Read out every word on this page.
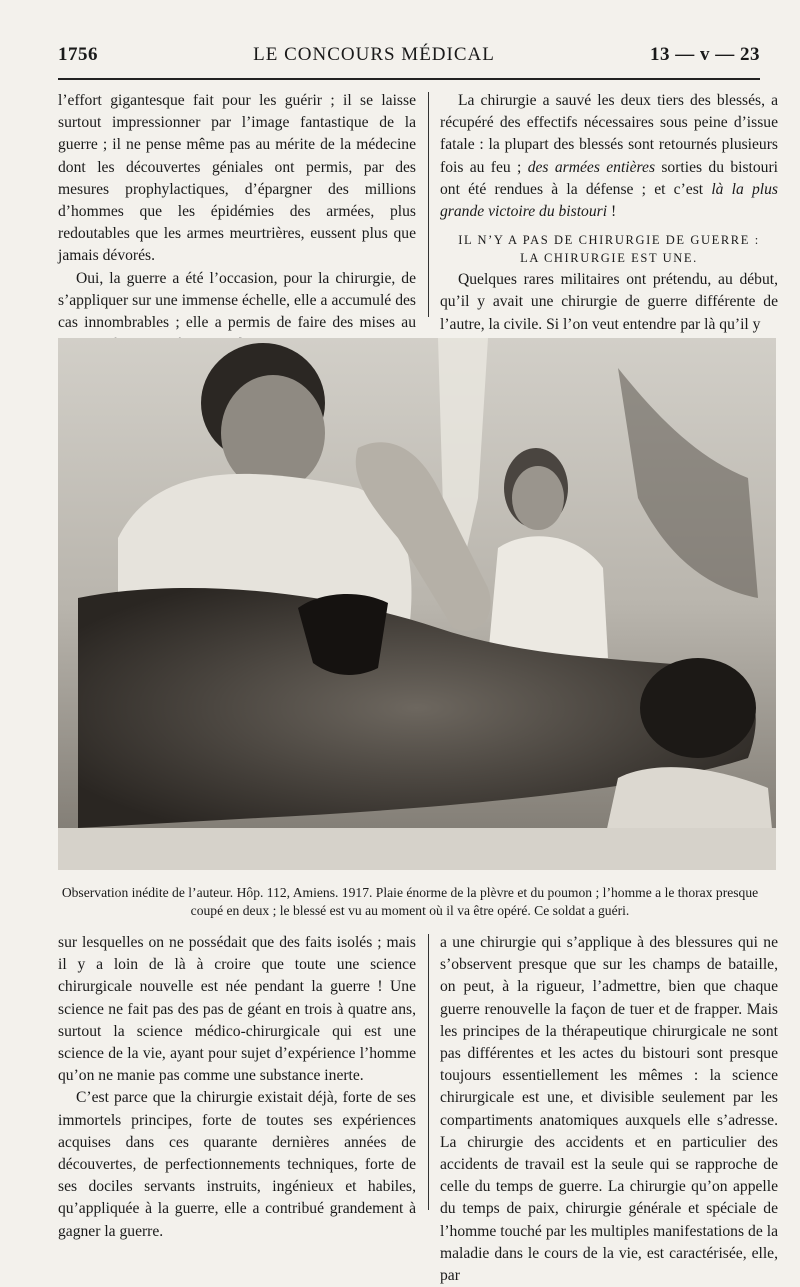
1756	LE CONCOURS MÉDICAL	13 — v — 23

l’effort gigantesque fait pour les guérir ; il se laisse surtout impressionner par l’image fantastique de la guerre ; il ne pense même pas au mérite de la médecine dont les découvertes géniales ont permis, par des mesures prophylactiques, d’épargner des millions d’hommes que les épidémies des armées, plus redoutables que les armes meurtrières, eussent plus que jamais dévorés.

Oui, la guerre a été l’occasion, pour la chirurgie, de s’appliquer sur une immense échelle, elle a accumulé des cas innombrables ; elle a permis de faire des mises au

La chirurgie a sauvé les deux tiers des blessés, a récupéré des effectifs nécessaires sous peine d’issue fatale : la plupart des blessés sont retournés plusieurs fois au feu ; des armées entières sorties du bistouri ont été rendues à la défense ; et c’est là la plus grande victoire du bistouri !

IL N’Y A PAS DE CHIRURGIE DE GUERRE :
LA CHIRURGIE EST UNE.

Quelques rares militaires ont prétendu, au début, qu’il y avait une chirurgie de guerre différente de l’autre, la civile. Si l’on veut entendre par là qu’il y

Observation inédite de l’auteur. Hôp. 112, Amiens. 1917. Plaie énorme de la plèvre et du poumon ; l’homme a le thorax presque coupé en deux ; le blessé est vu au moment où il va être opéré. Ce soldat a guéri.

sur lesquelles on ne possédait que des faits isolés ; mais il y a loin de là à croire que toute une science chirurgicale nouvelle est née pendant la guerre ! Une science ne fait pas des pas de géant en trois à quatre ans, surtout la science médico-chirurgicale qui est une science de la vie, ayant pour sujet d’expérience l’homme qu’on ne manie pas comme une substance inerte.

C’est parce que la chirurgie existait déjà, forte de ses immortels principes, forte de toutes ses expériences acquises dans ces quarante dernières années de découvertes, de perfectionnements techniques, forte de ses dociles servants instruits, ingénieux et habiles, qu’appliquée à la guerre, elle a contribué grandement à gagner la guerre.

a une chirurgie qui s’applique à des blessures qui ne s’observent presque que sur les champs de bataille, on peut, à la rigueur, l’admettre, bien que chaque guerre renouvelle la façon de tuer et de frapper. Mais les principes de la thérapeutique chirurgicale ne sont pas différentes et les actes du bistouri sont presque toujours essentiellement les mêmes : la science chirurgicale est une, et divisible seulement par les compartiments anatomiques auxquels elle s’adresse. La chirurgie des accidents et en particulier des accidents de travail est la seule qui se rapproche de celle du temps de guerre. La chirurgie qu’on appelle du temps de paix, chirurgie générale et spéciale de l’homme touché par les multiples manifestations de la maladie dans le cours de la vie, est caractérisée, elle, par
